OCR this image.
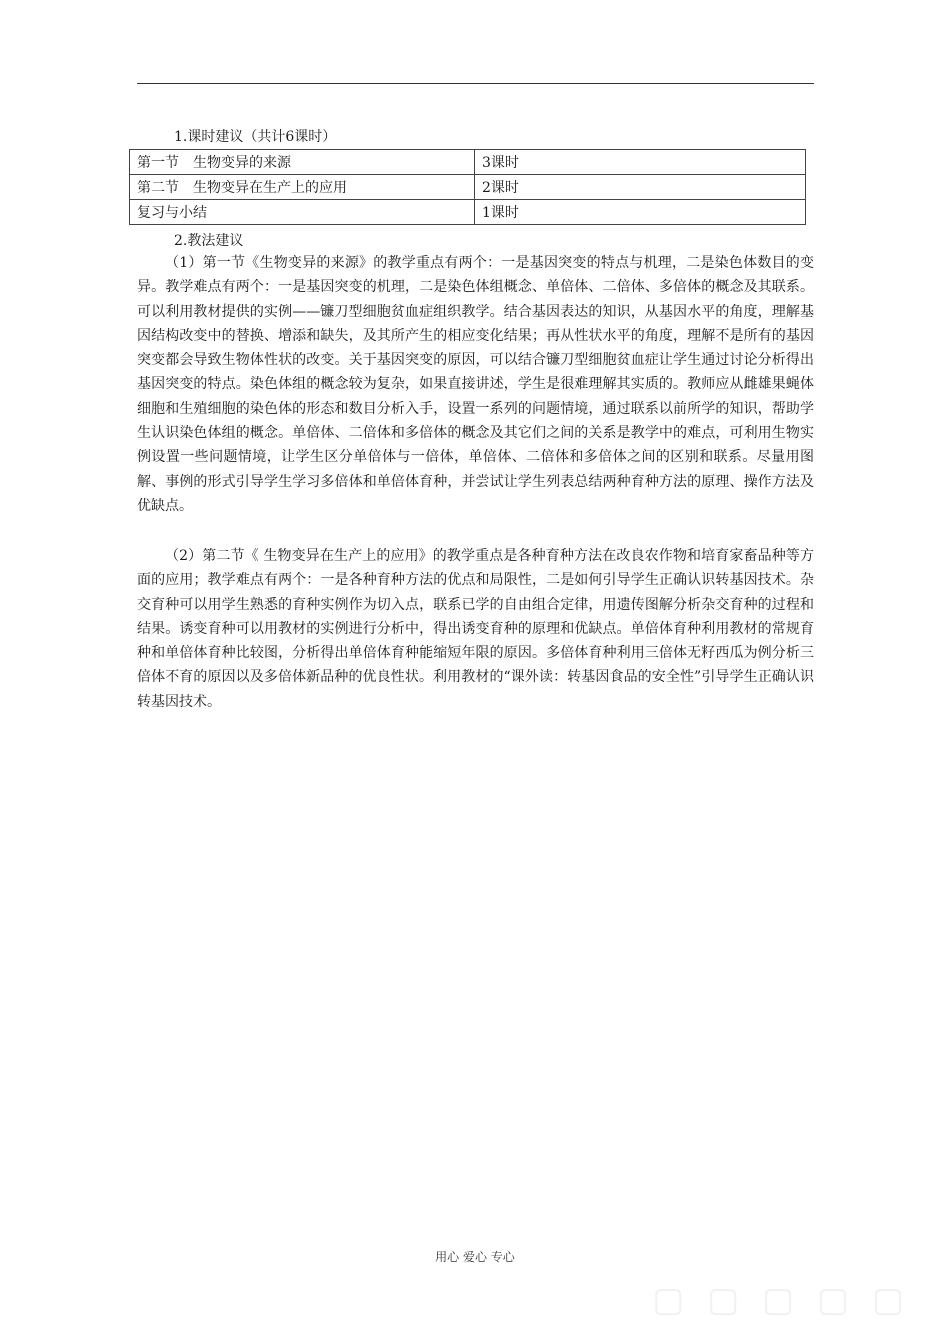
1.课时建议（共计6课时）
第一节　生物变异的来源	3课时
第二节　生物变异在生产上的应用	2课时
复习与小结	1课时
2.教法建议

（1）第一节《生物变异的来源》的教学重点有两个：一是基因突变的特点与机理，二是染色体数目的变异。教学难点有两个：一是基因突变的机理，二是染色体组概念、单倍体、二倍体、多倍体的概念及其联系。可以利用教材提供的实例——镰刀型细胞贫血症组织教学。结合基因表达的知识，从基因水平的角度，理解基因结构改变中的替换、增添和缺失，及其所产生的相应变化结果；再从性状水平的角度，理解不是所有的基因突变都会导致生物体性状的改变。关于基因突变的原因，可以结合镰刀型细胞贫血症让学生通过讨论分析得出基因突变的特点。染色体组的概念较为复杂，如果直接讲述，学生是很难理解其实质的。教师应从雌雄果蝇体细胞和生殖细胞的染色体的形态和数目分析入手，设置一系列的问题情境，通过联系以前所学的知识，帮助学生认识染色体组的概念。单倍体、二倍体和多倍体的概念及其它们之间的关系是教学中的难点，可利用生物实例设置一些问题情境，让学生区分单倍体与一倍体，单倍体、二倍体和多倍体之间的区别和联系。尽量用图解、事例的形式引导学生学习多倍体和单倍体育种，并尝试让学生列表总结两种育种方法的原理、操作方法及优缺点。

（2）第二节《 生物变异在生产上的应用》的教学重点是各种育种方法在改良农作物和培育家畜品种等方面的应用；教学难点有两个：一是各种育种方法的优点和局限性，二是如何引导学生正确认识转基因技术。杂交育种可以用学生熟悉的育种实例作为切入点，联系已学的自由组合定律，用遗传图解分析杂交育种的过程和结果。诱变育种可以用教材的实例进行分析中，得出诱变育种的原理和优缺点。单倍体育种利用教材的常规育种和单倍体育种比较图，分析得出单倍体育种能缩短年限的原因。多倍体育种利用三倍体无籽西瓜为例分析三倍体不育的原因以及多倍体新品种的优良性状。利用教材的“课外读：转基因食品的安全性”引导学生正确认识转基因技术。

用心 爱心 专心
▢ ▢ ▢ ▢ ▢
